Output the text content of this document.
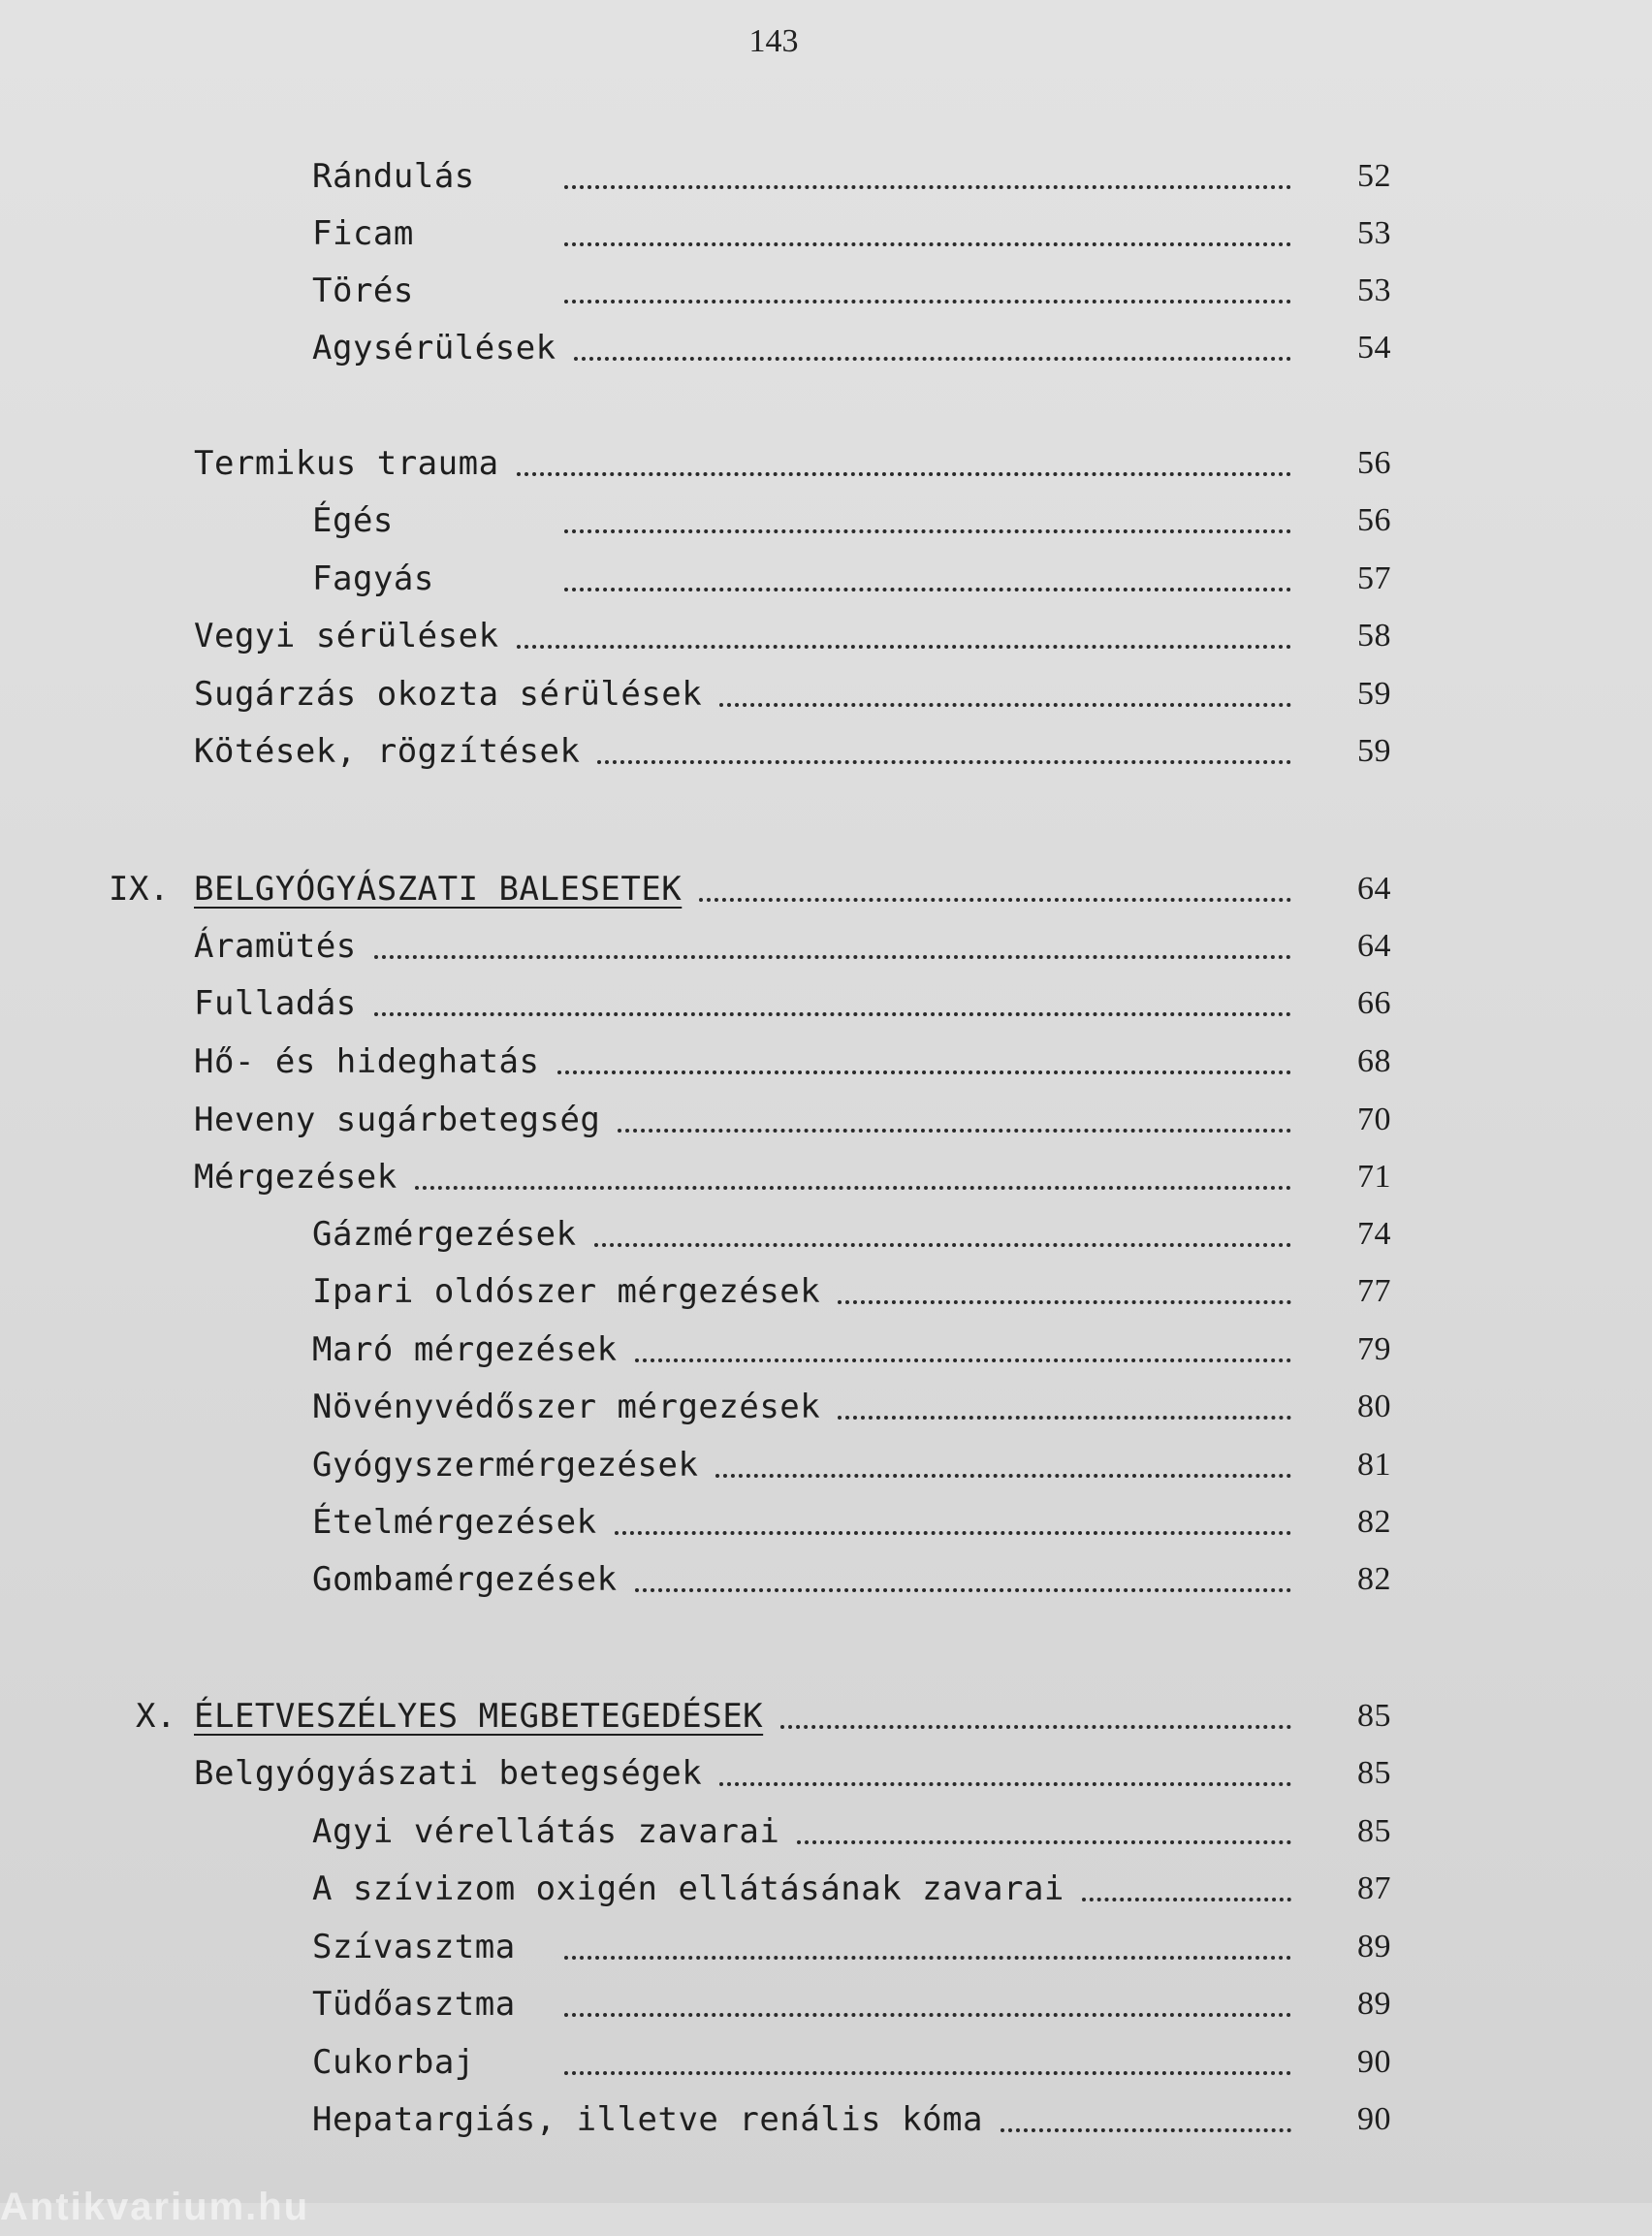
143
Rándulás	52
Ficam	53
Törés	53
Agysérülések	54
Termikus trauma	56
Égés	56
Fagyás	57
Vegyi sérülések	58
Sugárzás okozta sérülések	59
Kötések, rögzítések	59
IX. BELGYÓGYÁSZATI BALESETEK	64
Áramütés	64
Fulladás	66
Hő- és hideghatás	68
Heveny sugárbetegség	70
Mérgezések	71
Gázmérgezések	74
Ipari oldószer mérgezések	77
Maró mérgezések	79
Növényvédőszer mérgezések	80
Gyógyszermérgezések	81
Ételmérgezések	82
Gombamérgezések	82
X. ÉLETVESZÉLYES MEGBETEGEDÉSEK	85
Belgyógyászati betegségek	85
Agyi vérellátás zavarai	85
A szívizom oxigén ellátásának zavarai	87
Szívasztma	89
Tüdőasztma	89
Cukorbaj	90
Hepatargiás, illetve renális kóma	90
Antikvarium.hu
